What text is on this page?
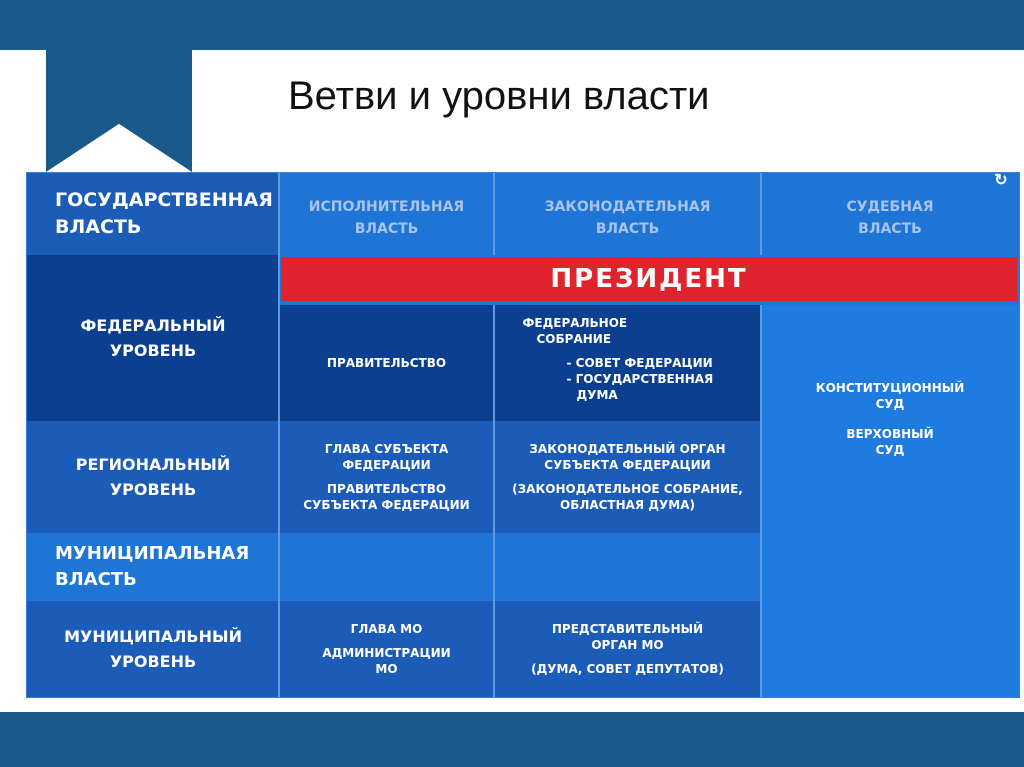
Ветви и уровни власти
ГОСУДАРСТВЕННАЯ ВЛАСТЬ
ИСПОЛНИТЕЛЬНАЯ ВЛАСТЬ
ЗАКОНОДАТЕЛЬНАЯ ВЛАСТЬ
СУДЕБНАЯ ВЛАСТЬ
ФЕДЕРАЛЬНЫЙ УРОВЕНЬ
ПРЕЗИДЕНТ
ПРАВИТЕЛЬСТВО
ФЕДЕРАЛЬНОЕ
СОБРАНИЕ
- СОВЕТ ФЕДЕРАЦИИ
- ГОСУДАРСТВЕННАЯ
ДУМА	КОНСТИТУЦИОННЫЙ СУД
ВЕРХОВНЫЙ СУД
РЕГИОНАЛЬНЫЙ УРОВЕНЬ
ГЛАВА СУБЪЕКТА ФЕДЕРАЦИИ
ПРАВИТЕЛЬСТВО СУБЪЕКТА ФЕДЕРАЦИИ
ЗАКОНОДАТЕЛЬНЫЙ ОРГАН СУБЪЕКТА ФЕДЕРАЦИИ
(ЗАКОНОДАТЕЛЬНОЕ СОБРАНИЕ, ОБЛАСТНАЯ ДУМА)
МУНИЦИПАЛЬНАЯ ВЛАСТЬ
МУНИЦИПАЛЬНЫЙ УРОВЕНЬ
ГЛАВА МО
АДМИНИСТРАЦИИ МО
ПРЕДСТАВИТЕЛЬНЫЙ ОРГАН МО
(ДУМА, СОВЕТ ДЕПУТАТОВ)
↻
